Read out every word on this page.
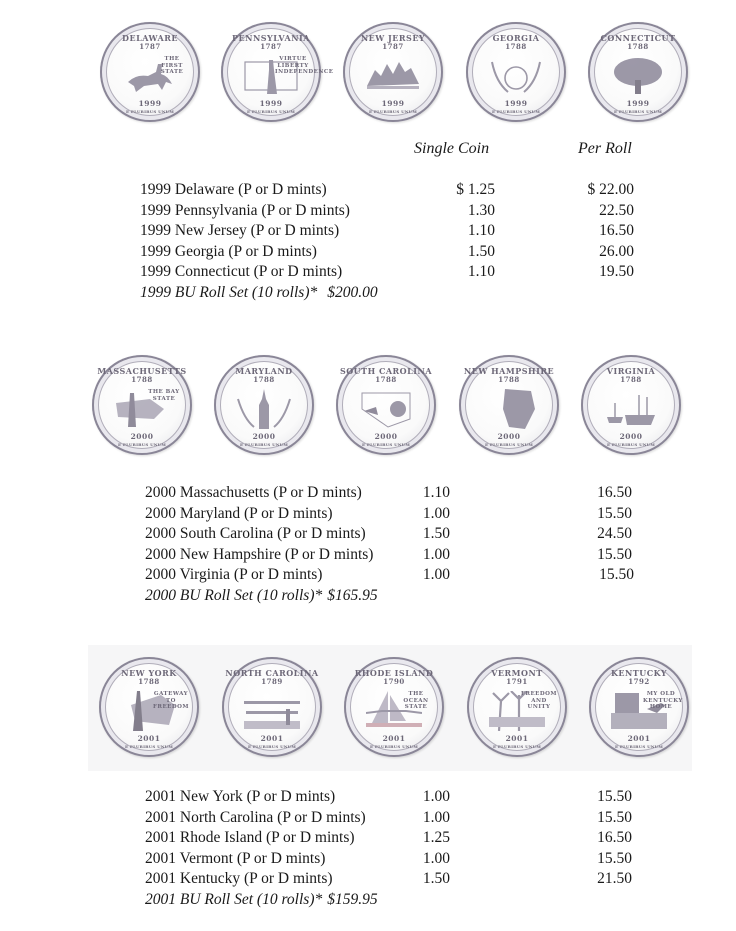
DELAWARE
1787
THE FIRST STATE
1999
E PLURIBUS UNUM
PENNSYLVANIA
1787
VIRTUE LIBERTY INDEPENDENCE
1999
E PLURIBUS UNUM
NEW JERSEY
1787
1999
E PLURIBUS UNUM
GEORGIA
1788
1999
E PLURIBUS UNUM
CONNECTICUT
1788
1999
E PLURIBUS UNUM
Single Coin	Per Roll
1999 Delaware (P or D mints)	$ 1.25	$ 22.00
1999 Pennsylvania (P or D mints)	1.30	22.50
1999 New Jersey (P or D mints)	1.10	16.50
1999 Georgia (P or D mints)	1.50	26.00
1999 Connecticut (P or D mints)	1.10	19.50
1999 BU Roll Set (10 rolls)* $200.00
MASSACHUSETTS
1788
THE BAY STATE
2000
E PLURIBUS UNUM
MARYLAND
1788
2000
E PLURIBUS UNUM
SOUTH CAROLINA
1788
2000
E PLURIBUS UNUM
NEW HAMPSHIRE
1788
2000
E PLURIBUS UNUM
VIRGINIA
1788
2000
E PLURIBUS UNUM
2000 Massachusetts (P or D mints)	1.10	16.50
2000 Maryland (P or D mints)	1.00	15.50
2000 South Carolina (P or D mints)	1.50	24.50
2000 New Hampshire (P or D mints)	1.00	15.50
2000 Virginia (P or D mints)	1.00	15.50
2000 BU Roll Set (10 rolls)* $165.95
NEW YORK
1788
GATEWAY TO FREEDOM
2001
E PLURIBUS UNUM
NORTH CAROLINA
1789
2001
E PLURIBUS UNUM
RHODE ISLAND
1790
THE OCEAN STATE
2001
E PLURIBUS UNUM
VERMONT
1791
FREEDOM AND UNITY
2001
E PLURIBUS UNUM
KENTUCKY
1792
MY OLD KENTUCKY HOME
2001
E PLURIBUS UNUM
2001 New York (P or D mints)	1.00	15.50
2001 North Carolina (P or D mints)	1.00	15.50
2001 Rhode Island (P or D mints)	1.25	16.50
2001 Vermont (P or D mints)	1.00	15.50
2001 Kentucky (P or D mints)	1.50	21.50
2001 BU Roll Set (10 rolls)* $159.95
